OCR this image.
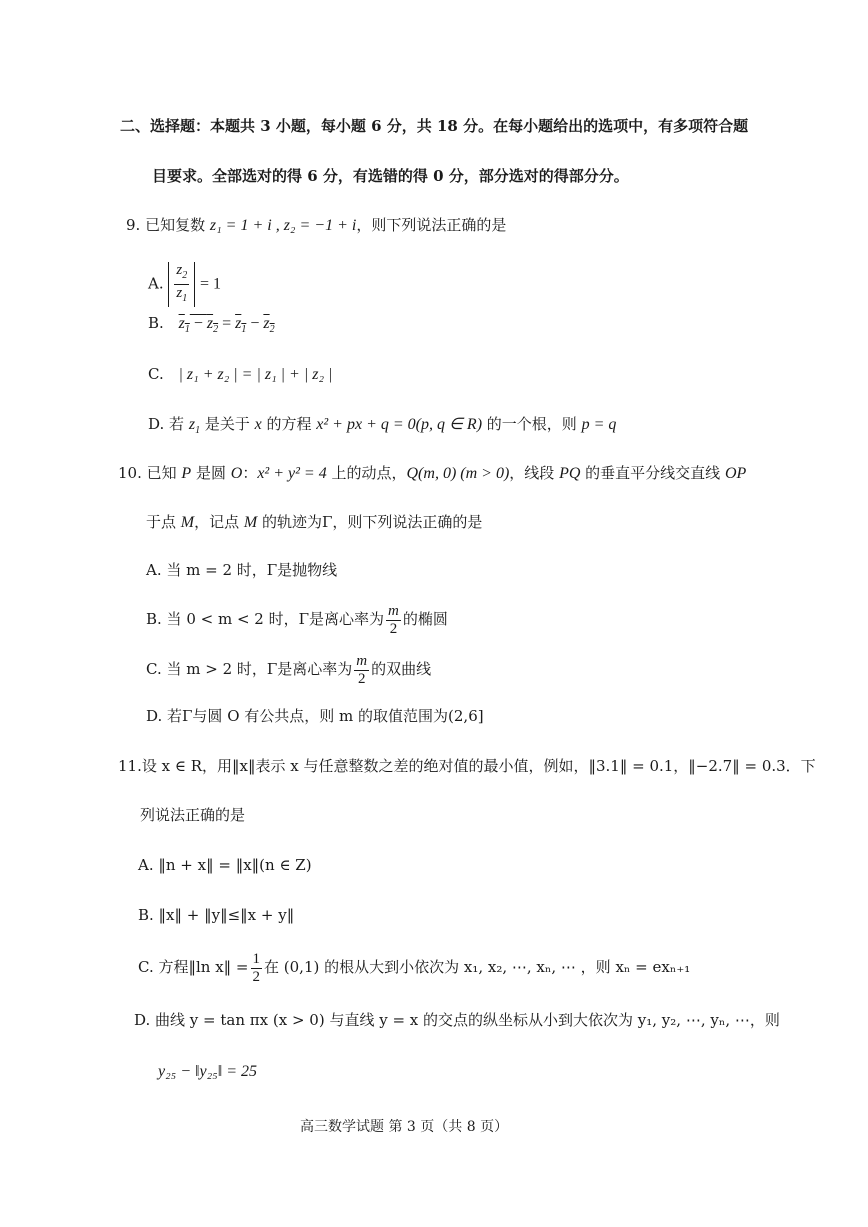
二、选择题：本题共 3 小题，每小题 6 分，共 18 分。在每小题给出的选项中，有多项符合题
目要求。全部选对的得 6 分，有选错的得 0 分，部分选对的得部分分。
9. 已知复数 z₁ = 1 + i , z₂ = −1 + i，则下列说法正确的是
A. $\frac{z_2}{z_1} = 1$
B. $z_1 - z_2 = z_1 - z_2$
C. | z₁ + z₂ | = | z₁ | + | z₂ |
D. 若 $z_1$ 是关于 x 的方程 x² + px + q = 0(p, q ∈ R) 的一个根，则 p = q
10. 已知 P 是圆 O：x² + y² = 4 上的动点，Q(m, 0) (m > 0)，线段 PQ 的垂直平分线交直线 OP
于点 M，记点 M 的轨迹为Γ，则下列说法正确的是
A. 当 m = 2 时，Γ是抛物线
B. 当 0 < m < 2 时，Γ是离心率为 $\frac{m}{2}$ 的椭圆
C. 当 m > 2 时，Γ是离心率为 $\frac{m}{2}$ 的双曲线
D. 若Γ与圆 O 有公共点，则 m 的取值范围为(2,6]
11.设 x ∈ R，用‖x‖表示 x 与任意整数之差的绝对值的最小值，例如，‖3.1‖ = 0.1，‖−2.7‖ = 0.3．下
列说法正确的是
A. ‖n + x‖ = ‖x‖(n ∈ Z)
B. ‖x‖ + ‖y‖≤‖x + y‖
C. 方程‖ln x‖ = $\frac{1}{2}$ 在 (0,1) 的根从大到小依次为 x₁, x₂, ⋯, xₙ, ⋯ ，则 xₙ = exₙ₊₁
D. 曲线 y = tan πx (x > 0) 与直线 y = x 的交点的纵坐标从小到大依次为 y₁, y₂, ⋯, yₙ, ⋯，则
y₂₅ − ‖y₂₅‖ = 25
高三数学试题 第 3 页（共 8 页）
